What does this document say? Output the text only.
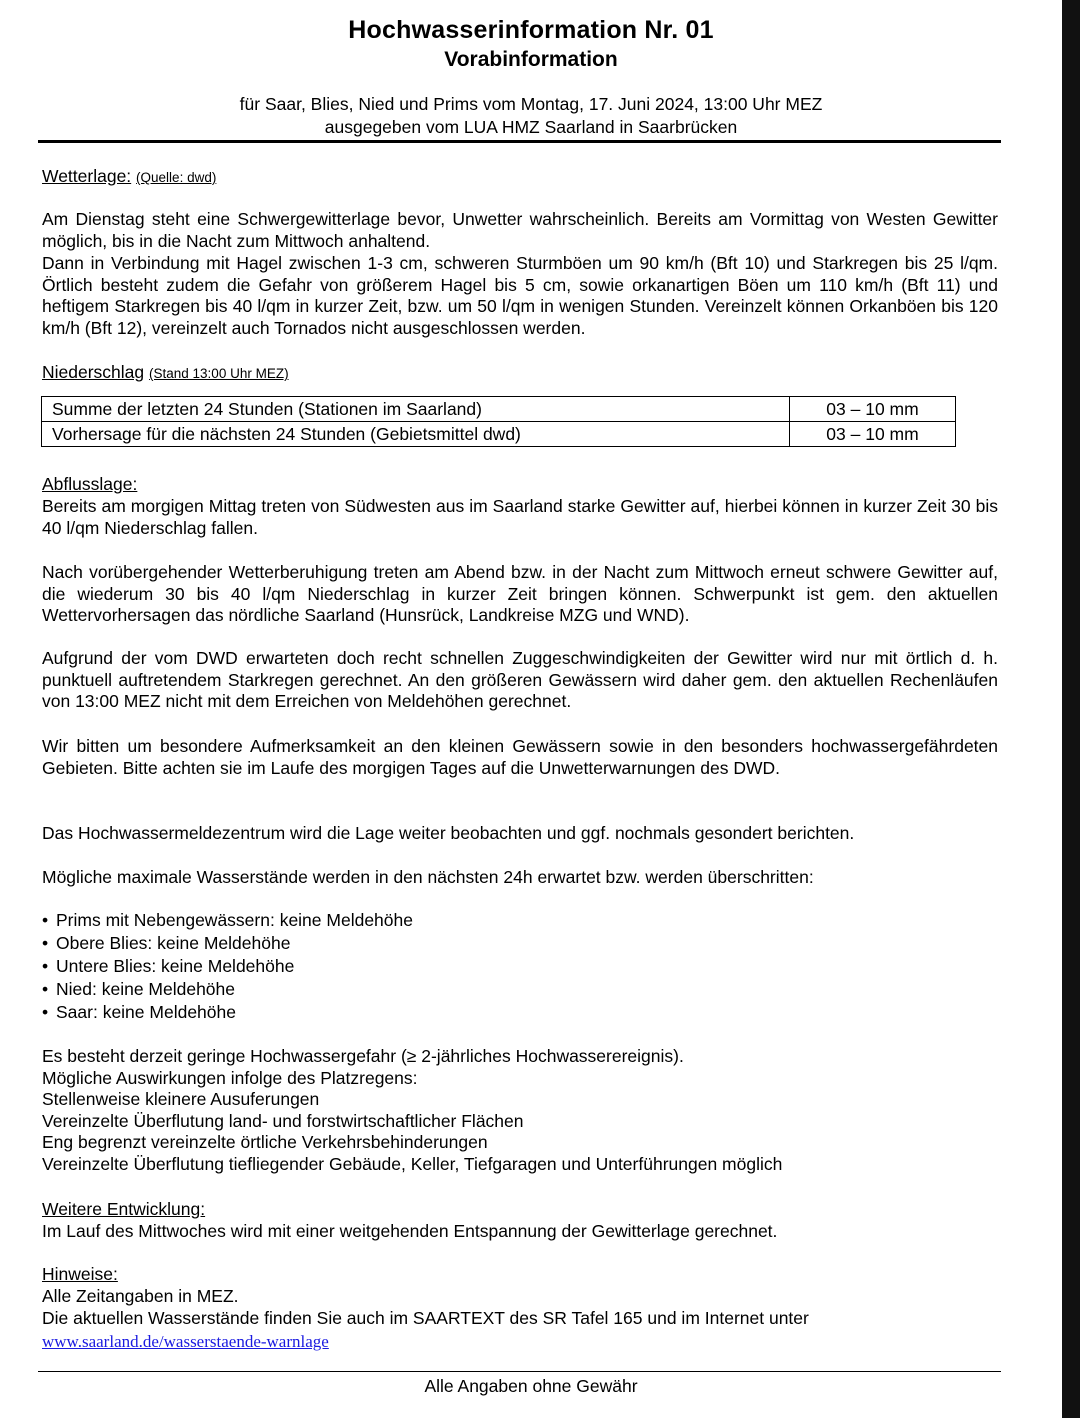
Hochwasserinformation Nr. 01
Vorabinformation
für Saar, Blies, Nied und Prims vom Montag, 17. Juni 2024, 13:00 Uhr MEZ
ausgegeben vom LUA HMZ Saarland in Saarbrücken
Wetterlage: (Quelle: dwd)
Am Dienstag steht eine Schwergewitterlage bevor, Unwetter wahrscheinlich. Bereits am Vormittag von Westen Gewitter möglich, bis in die Nacht zum Mittwoch anhaltend.
Dann in Verbindung mit Hagel zwischen 1-3 cm, schweren Sturmböen um 90 km/h (Bft 10) und Starkregen bis 25 l/qm. Örtlich besteht zudem die Gefahr von größerem Hagel bis 5 cm, sowie orkanartigen Böen um 110 km/h (Bft 11) und heftigem Starkregen bis 40 l/qm in kurzer Zeit, bzw. um 50 l/qm in wenigen Stunden. Vereinzelt können Orkanböen bis 120 km/h (Bft 12), vereinzelt auch Tornados nicht ausgeschlossen werden.
Niederschlag (Stand 13:00 Uhr MEZ)
Summe der letzten 24 Stunden (Stationen im Saarland)	03 – 10 mm
Vorhersage für die nächsten 24 Stunden (Gebietsmittel dwd)	03 – 10 mm
Abflusslage:
Bereits am morgigen Mittag treten von Südwesten aus im Saarland starke Gewitter auf, hierbei können in kurzer Zeit 30 bis 40 l/qm Niederschlag fallen.
Nach vorübergehender Wetterberuhigung treten am Abend bzw. in der Nacht zum Mittwoch erneut schwere Gewitter auf, die wiederum 30 bis 40 l/qm Niederschlag in kurzer Zeit bringen können. Schwerpunkt ist gem. den aktuellen Wettervorhersagen das nördliche Saarland (Hunsrück, Landkreise MZG und WND).
Aufgrund der vom DWD erwarteten doch recht schnellen Zuggeschwindigkeiten der Gewitter wird nur mit örtlich d. h. punktuell auftretendem Starkregen gerechnet. An den größeren Gewässern wird daher gem. den aktuellen Rechenläufen von 13:00 MEZ nicht mit dem Erreichen von Meldehöhen gerechnet.
Wir bitten um besondere Aufmerksamkeit an den kleinen Gewässern sowie in den besonders hochwassergefährdeten Gebieten. Bitte achten sie im Laufe des morgigen Tages auf die Unwetterwarnungen des DWD.
Das Hochwassermeldezentrum wird die Lage weiter beobachten und ggf. nochmals gesondert berichten.
Mögliche maximale Wasserstände werden in den nächsten 24h erwartet bzw. werden überschritten:
• Prims mit Nebengewässern: keine Meldehöhe
• Obere Blies: keine Meldehöhe
• Untere Blies: keine Meldehöhe
• Nied: keine Meldehöhe
• Saar: keine Meldehöhe
Es besteht derzeit geringe Hochwassergefahr (≥ 2-jährliches Hochwasserereignis).
Mögliche Auswirkungen infolge des Platzregens:
Stellenweise kleinere Ausuferungen
Vereinzelte Überflutung land- und forstwirtschaftlicher Flächen
Eng begrenzt vereinzelte örtliche Verkehrsbehinderungen
Vereinzelte Überflutung tiefliegender Gebäude, Keller, Tiefgaragen und Unterführungen möglich
Weitere Entwicklung:
Im Lauf des Mittwoches wird mit einer weitgehenden Entspannung der Gewitterlage gerechnet.
Hinweise:
Alle Zeitangaben in MEZ.
Die aktuellen Wasserstände finden Sie auch im SAARTEXT des SR Tafel 165 und im Internet unter
www.saarland.de/wasserstaende-warnlage
Alle Angaben ohne Gewähr
